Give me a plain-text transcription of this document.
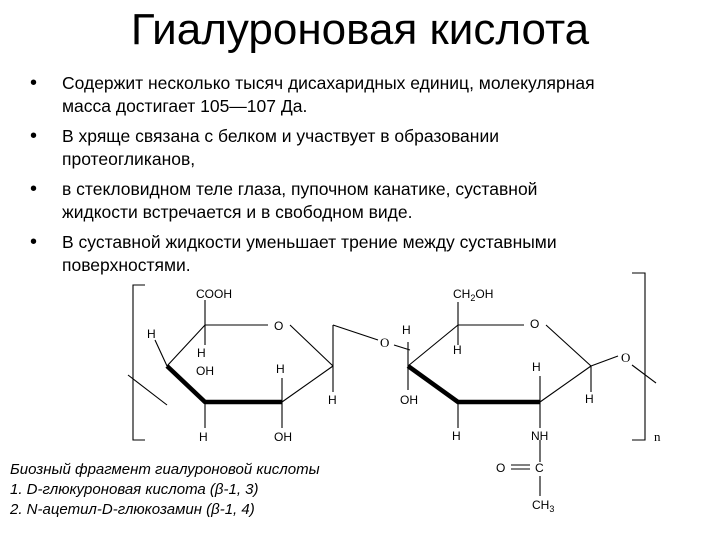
Гиалуроновая кислота
• Содержит несколько тысяч дисахаридных единиц, молекулярная
масса достигает 105—107 Да.
• В хряще связана с белком и участвует в образовании
протеогликанов,
• в стекловидном теле глаза, пупочном канатике, суставной
жидкости встречается и в свободном виде.
• В суставной жидкости уменьшает трение между суставными
поверхностями.
COOH
O
H
H
OH	H
H
H	OH
O
$CH_2OH$
O
H
H
OH
H
H
H	NH
C
O
$CH_3$
O
n
Биозный фрагмент гиалуроновой кислоты
1. D-глюкуроновая кислота (β-1, 3)
2. N-ацетил-D-глюкозамин (β-1, 4)
